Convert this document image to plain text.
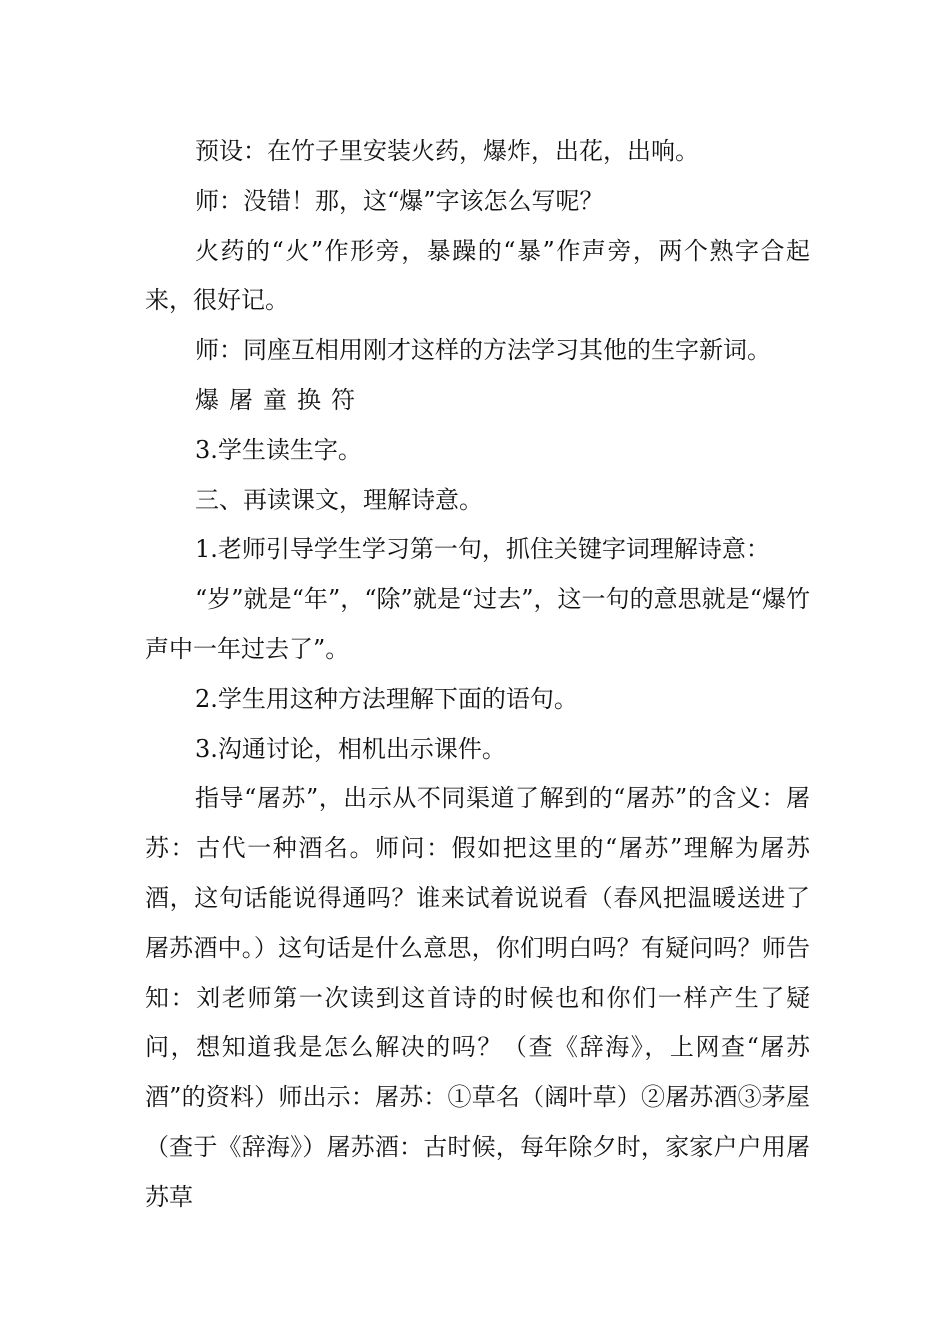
预设：在竹子里安装火药，爆炸，出花，出响。

师：没错！那，这“爆”字该怎么写呢？

火药的“火”作形旁，暴躁的“暴”作声旁，两个熟字合起来，很好记。

师：同座互相用刚才这样的方法学习其他的生字新词。

爆 屠 童 换 符

3.学生读生字。

三、再读课文，理解诗意。

1.老师引导学生学习第一句，抓住关键字词理解诗意：

“岁”就是“年”，“除”就是“过去”，这一句的意思就是“爆竹声中一年过去了”。

2.学生用这种方法理解下面的语句。

3.沟通讨论，相机出示课件。

指导“屠苏”，出示从不同渠道了解到的“屠苏”的含义：屠苏：古代一种酒名。师问：假如把这里的“屠苏”理解为屠苏酒，这句话能说得通吗？谁来试着说说看（春风把温暖送进了屠苏酒中。）这句话是什么意思，你们明白吗？有疑问吗？师告知：刘老师第一次读到这首诗的时候也和你们一样产生了疑问，想知道我是怎么解决的吗？（查《辞海》，上网查“屠苏酒”的资料）师出示：屠苏：①草名（阔叶草）②屠苏酒③茅屋（查于《辞海》）屠苏酒：古时候，每年除夕时，家家户户用屠苏草
